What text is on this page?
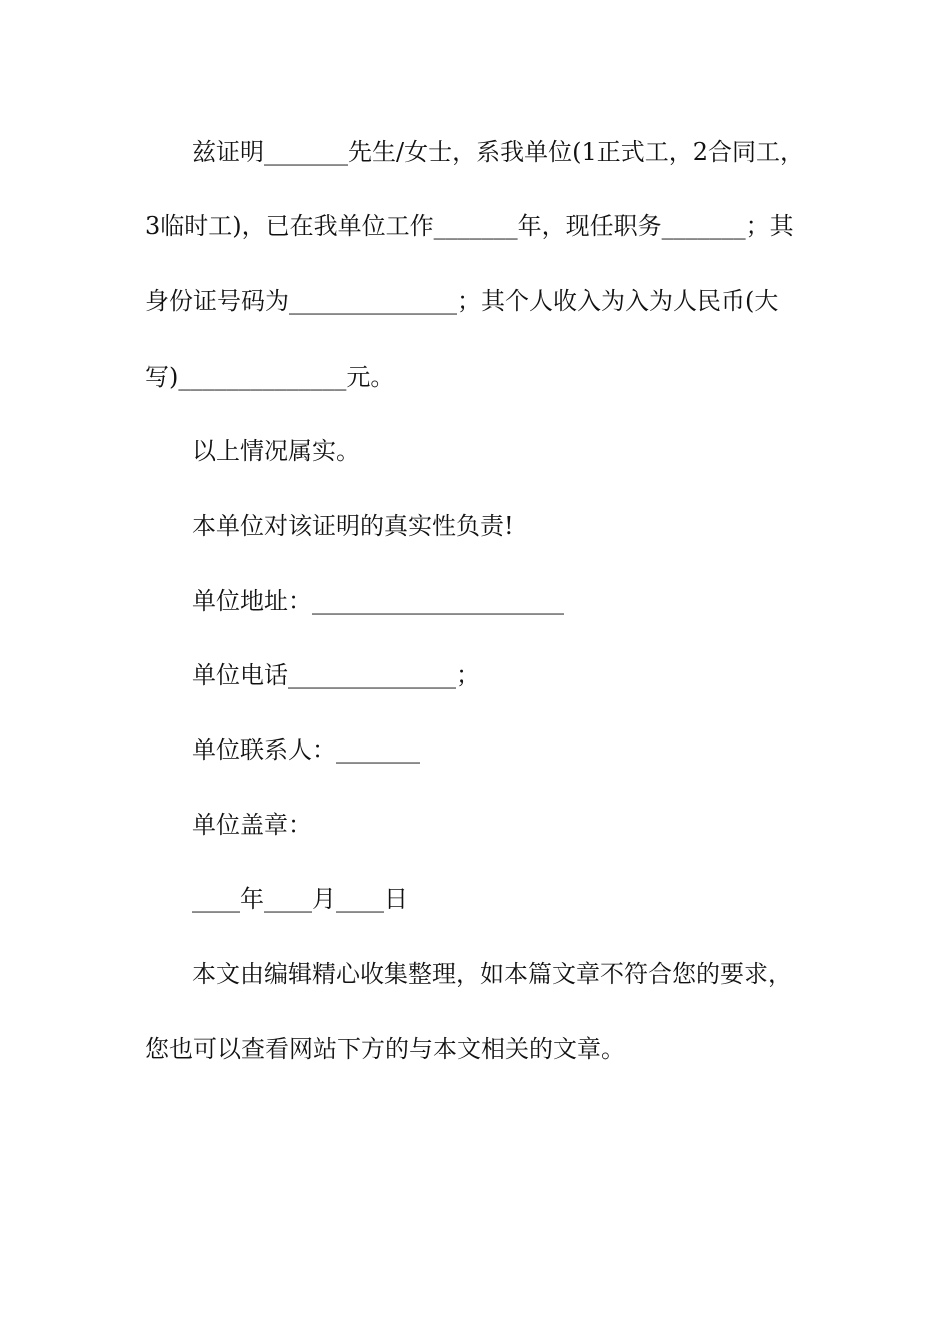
兹证明_______先生/女士，系我单位(1正式工，2合同工，

3临时工)，已在我单位工作_______年，现任职务_______；其

身份证号码为______________；其个人收入为入为人民币(大

写)______________元。

以上情况属实。

本单位对该证明的真实性负责!

单位地址：_____________________

单位电话______________；

单位联系人：_______

单位盖章：

____年____月____日

本文由编辑精心收集整理，如本篇文章不符合您的要求，

您也可以查看网站下方的与本文相关的文章。
